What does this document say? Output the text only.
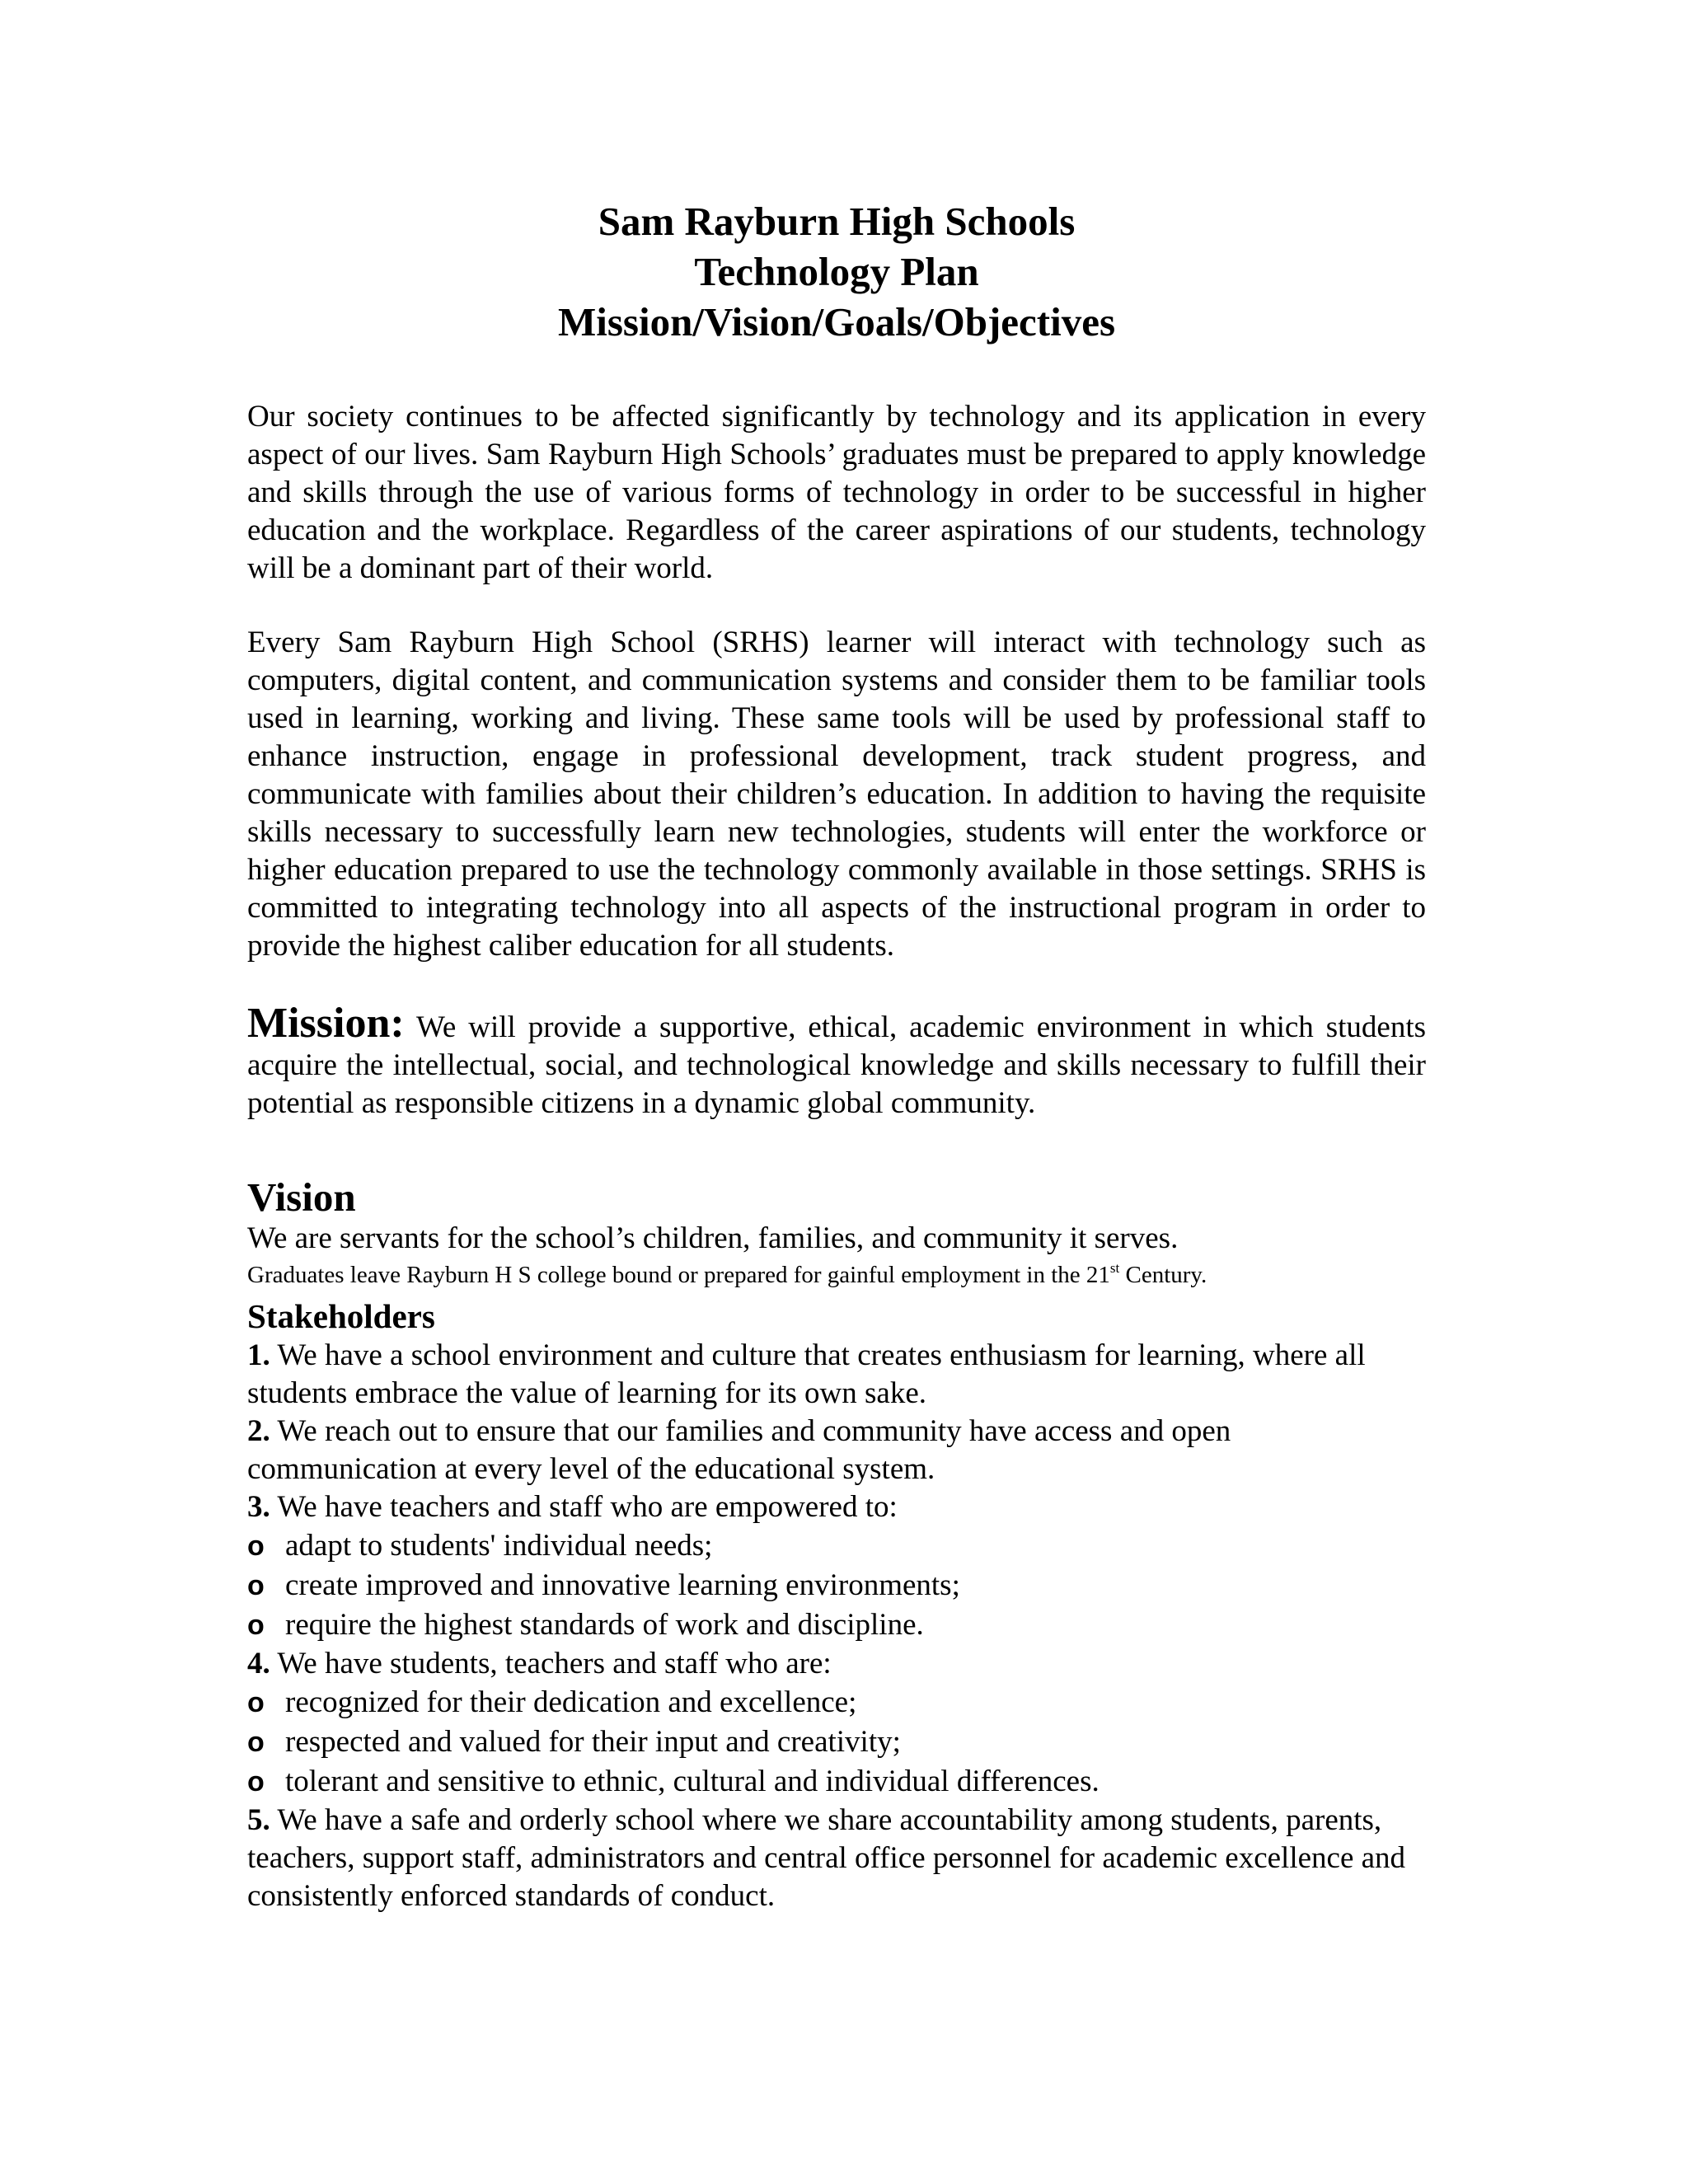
Sam Rayburn High Schools
Technology Plan
Mission/Vision/Goals/Objectives

Our society continues to be affected significantly by technology and its application in every aspect of our lives. Sam Rayburn High Schools’ graduates must be prepared to apply knowledge and skills through the use of various forms of technology in order to be successful in higher education and the workplace. Regardless of the career aspirations of our students, technology will be a dominant part of their world.

Every Sam Rayburn High School (SRHS) learner will interact with technology such as computers, digital content, and communication systems and consider them to be familiar tools used in learning, working and living. These same tools will be used by professional staff to enhance instruction, engage in professional development, track student progress, and communicate with families about their children’s education. In addition to having the requisite skills necessary to successfully learn new technologies, students will enter the workforce or higher education prepared to use the technology commonly available in those settings. SRHS is committed to integrating technology into all aspects of the instructional program in order to provide the highest caliber education for all students.

Mission: We will provide a supportive, ethical, academic environment in which students acquire the intellectual, social, and technological knowledge and skills necessary to fulfill their potential as responsible citizens in a dynamic global community.

Vision

We are servants for the school’s children, families, and community it serves.

Graduates leave Rayburn H S college bound or prepared for gainful employment in the 21st Century.

Stakeholders

1. We have a school environment and culture that creates enthusiasm for learning, where all students embrace the value of learning for its own sake.

2. We reach out to ensure that our families and community have access and open communication at every level of the educational system.

3. We have teachers and staff who are empowered to:

o adapt to students' individual needs;
o create improved and innovative learning environments;
o require the highest standards of work and discipline.

4. We have students, teachers and staff who are:

o recognized for their dedication and excellence;
o respected and valued for their input and creativity;
o tolerant and sensitive to ethnic, cultural and individual differences.

5. We have a safe and orderly school where we share accountability among students, parents, teachers, support staff, administrators and central office personnel for academic excellence and consistently enforced standards of conduct.
